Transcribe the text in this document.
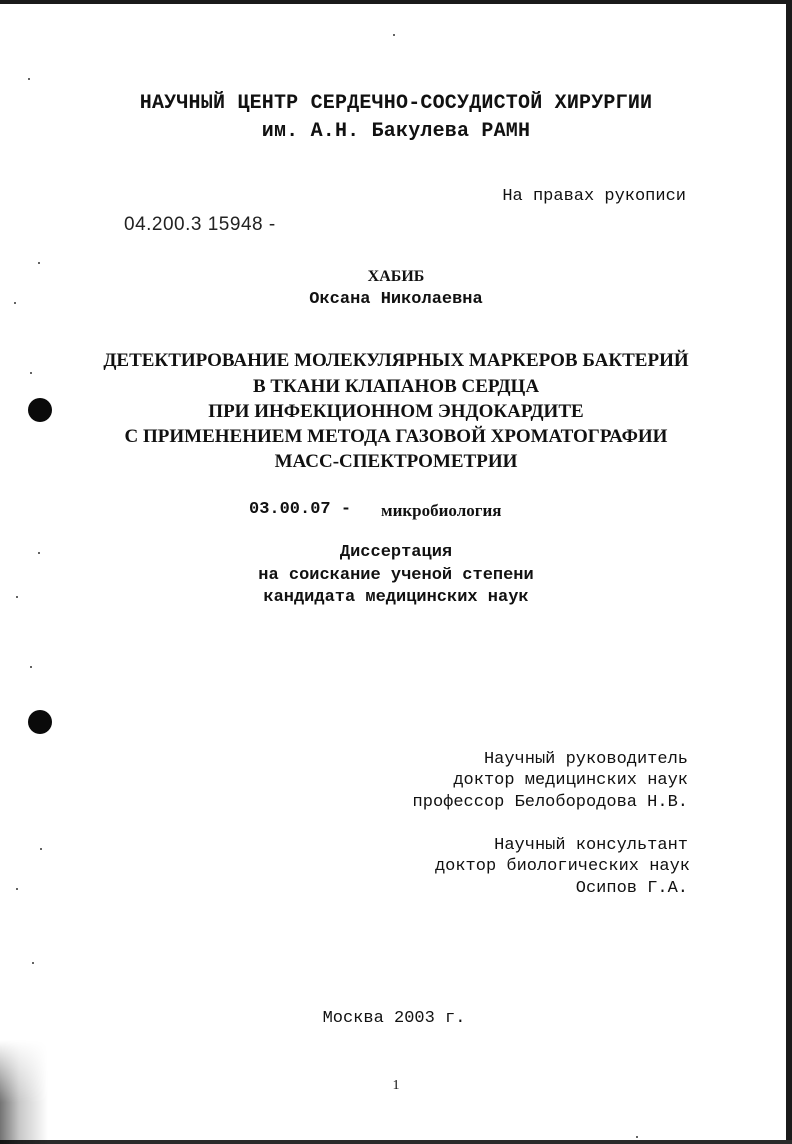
НАУЧНЫЙ ЦЕНТР СЕРДЕЧНО-СОСУДИСТОЙ ХИРУРГИИ
им. А.Н. Бакулева РАМН
На правах рукописи
04.200.3 15948 -
ХАБИБ
Оксана Николаевна
ДЕТЕКТИРОВАНИЕ МОЛЕКУЛЯРНЫХ МАРКЕРОВ БАКТЕРИЙ
В ТКАНИ КЛАПАНОВ СЕРДЦА
ПРИ ИНФЕКЦИОННОМ ЭНДОКАРДИТЕ
С ПРИМЕНЕНИЕМ МЕТОДА ГАЗОВОЙ ХРОМАТОГРАФИИ
МАСС-СПЕКТРОМЕТРИИ
03.00.07 - микробиология
Диссертация
на соискание ученой степени
кандидата медицинских наук
Научный руководитель
доктор медицинских наук
профессор Белобородова Н.В.
Научный консультант
доктор биологических наук
Осипов Г.А.
Москва 2003 г.
1
